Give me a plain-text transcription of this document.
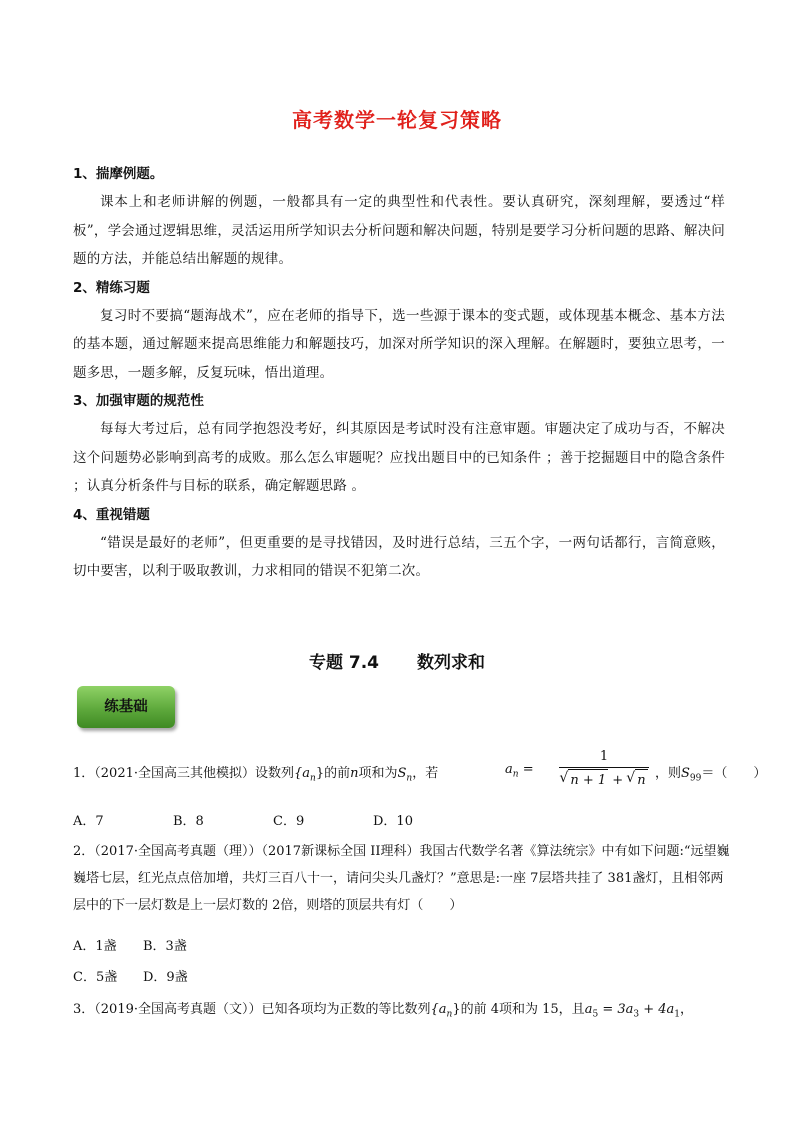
高考数学一轮复习策略
1、揣摩例题。

课本上和老师讲解的例题，一般都具有一定的典型性和代表性。要认真研究，深刻理解，要透过“样板”，学会通过逻辑思维，灵活运用所学知识去分析问题和解决问题，特别是要学习分析问题的思路、解决问题的方法，并能总结出解题的规律。

2、精练习题

复习时不要搞“题海战术”，应在老师的指导下，选一些源于课本的变式题，或体现基本概念、基本方法的基本题，通过解题来提高思维能力和解题技巧，加深对所学知识的深入理解。在解题时，要独立思考，一题多思，一题多解，反复玩味，悟出道理。

3、加强审题的规范性

每每大考过后，总有同学抱怨没考好，纠其原因是考试时没有注意审题。审题决定了成功与否，不解决这个问题势必影响到高考的成败。那么怎么审题呢？应找出题目中的已知条件 ；善于挖掘题目中的隐含条件 ；认真分析条件与目标的联系，确定解题思路 。

4、重视错题

“错误是最好的老师”，但更重要的是寻找错因，及时进行总结，三五个字，一两句话都行，言简意赅，切中要害，以利于吸取教训，力求相同的错误不犯第二次。

专题 7.4 数列求和
练基础
1．（2021·全国高三其他模拟）设数列$\{a_n\}$的前n项和为$S_n$，若	$a_n$ =
1
√ n + 1 + √ n ，则$S_{99}=$（　　）
A．7	B．8	C．9	D．10
2．（2017·全国高考真题（理））（2017新课标全国 II理科）我国古代数学名著《算法统宗》中有如下问题:“远望巍巍塔七层，红光点点倍加增，共灯三百八十一，请问尖头几盏灯？”意思是:一座 7层塔共挂了 381盏灯，且相邻两层中的下一层灯数是上一层灯数的 2倍，则塔的顶层共有灯（　　）
A．1盏 B．3盏
C．5盏 D．9盏
3．（2019·全国高考真题（文））已知各项均为正数的等比数列$\{a_n\}$的前 4项和为 15，且$a_5 = 3a_3 + 4a_1$，
